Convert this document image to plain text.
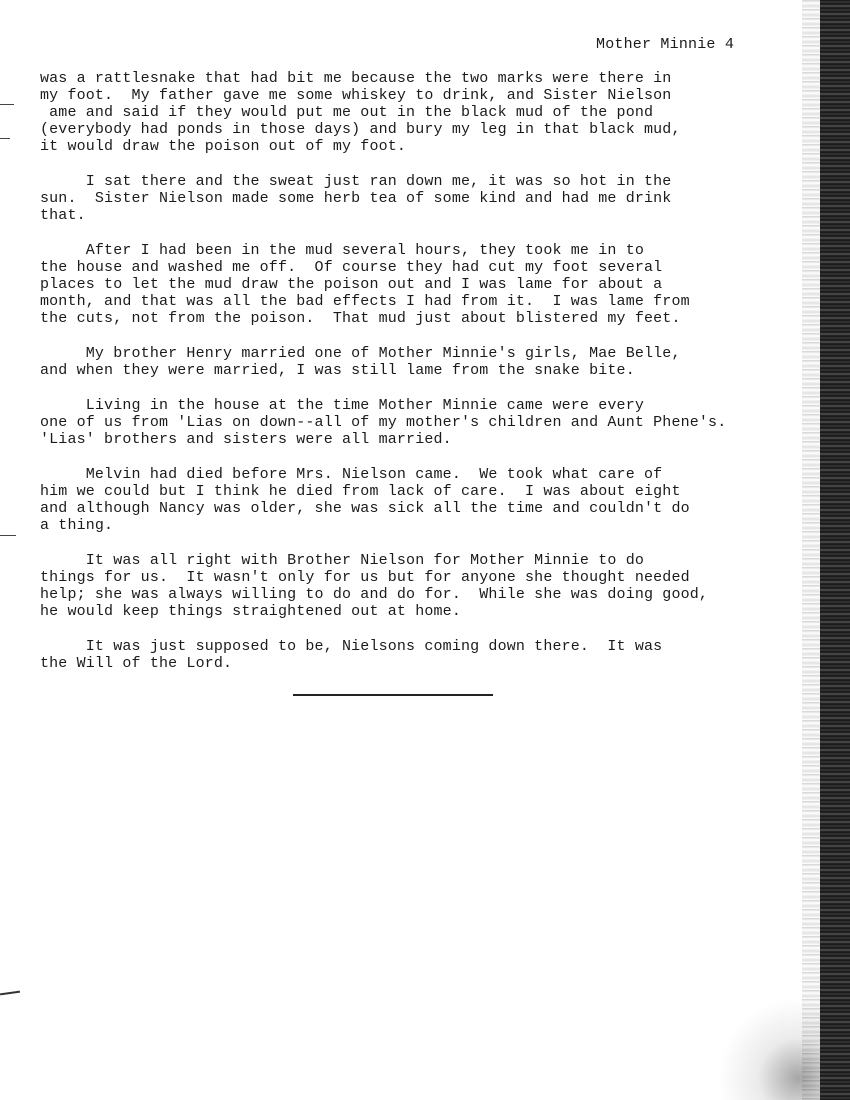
Mother Minnie 4
was a rattlesnake that had bit me because the two marks were there in
my foot.  My father gave me some whiskey to drink, and Sister Nielson
ame and said if they would put me out in the black mud of the pond
(everybody had ponds in those days) and bury my leg in that black mud,
it would draw the poison out of my foot.
I sat there and the sweat just ran down me, it was so hot in the
sun.  Sister Nielson made some herb tea of some kind and had me drink
that.
After I had been in the mud several hours, they took me in to
the house and washed me off.  Of course they had cut my foot several
places to let the mud draw the poison out and I was lame for about a
month, and that was all the bad effects I had from it.  I was lame from
the cuts, not from the poison.  That mud just about blistered my feet.
My brother Henry married one of Mother Minnie's girls, Mae Belle,
and when they were married, I was still lame from the snake bite.
Living in the house at the time Mother Minnie came were every
one of us from 'Lias on down--all of my mother's children and Aunt Phene's.
'Lias' brothers and sisters were all married.
Melvin had died before Mrs. Nielson came.  We took what care of
him we could but I think he died from lack of care.  I was about eight
and although Nancy was older, she was sick all the time and couldn't do
a thing.
It was all right with Brother Nielson for Mother Minnie to do
things for us.  It wasn't only for us but for anyone she thought needed
help; she was always willing to do and do for.  While she was doing good,
he would keep things straightened out at home.
It was just supposed to be, Nielsons coming down there.  It was
the Will of the Lord.
